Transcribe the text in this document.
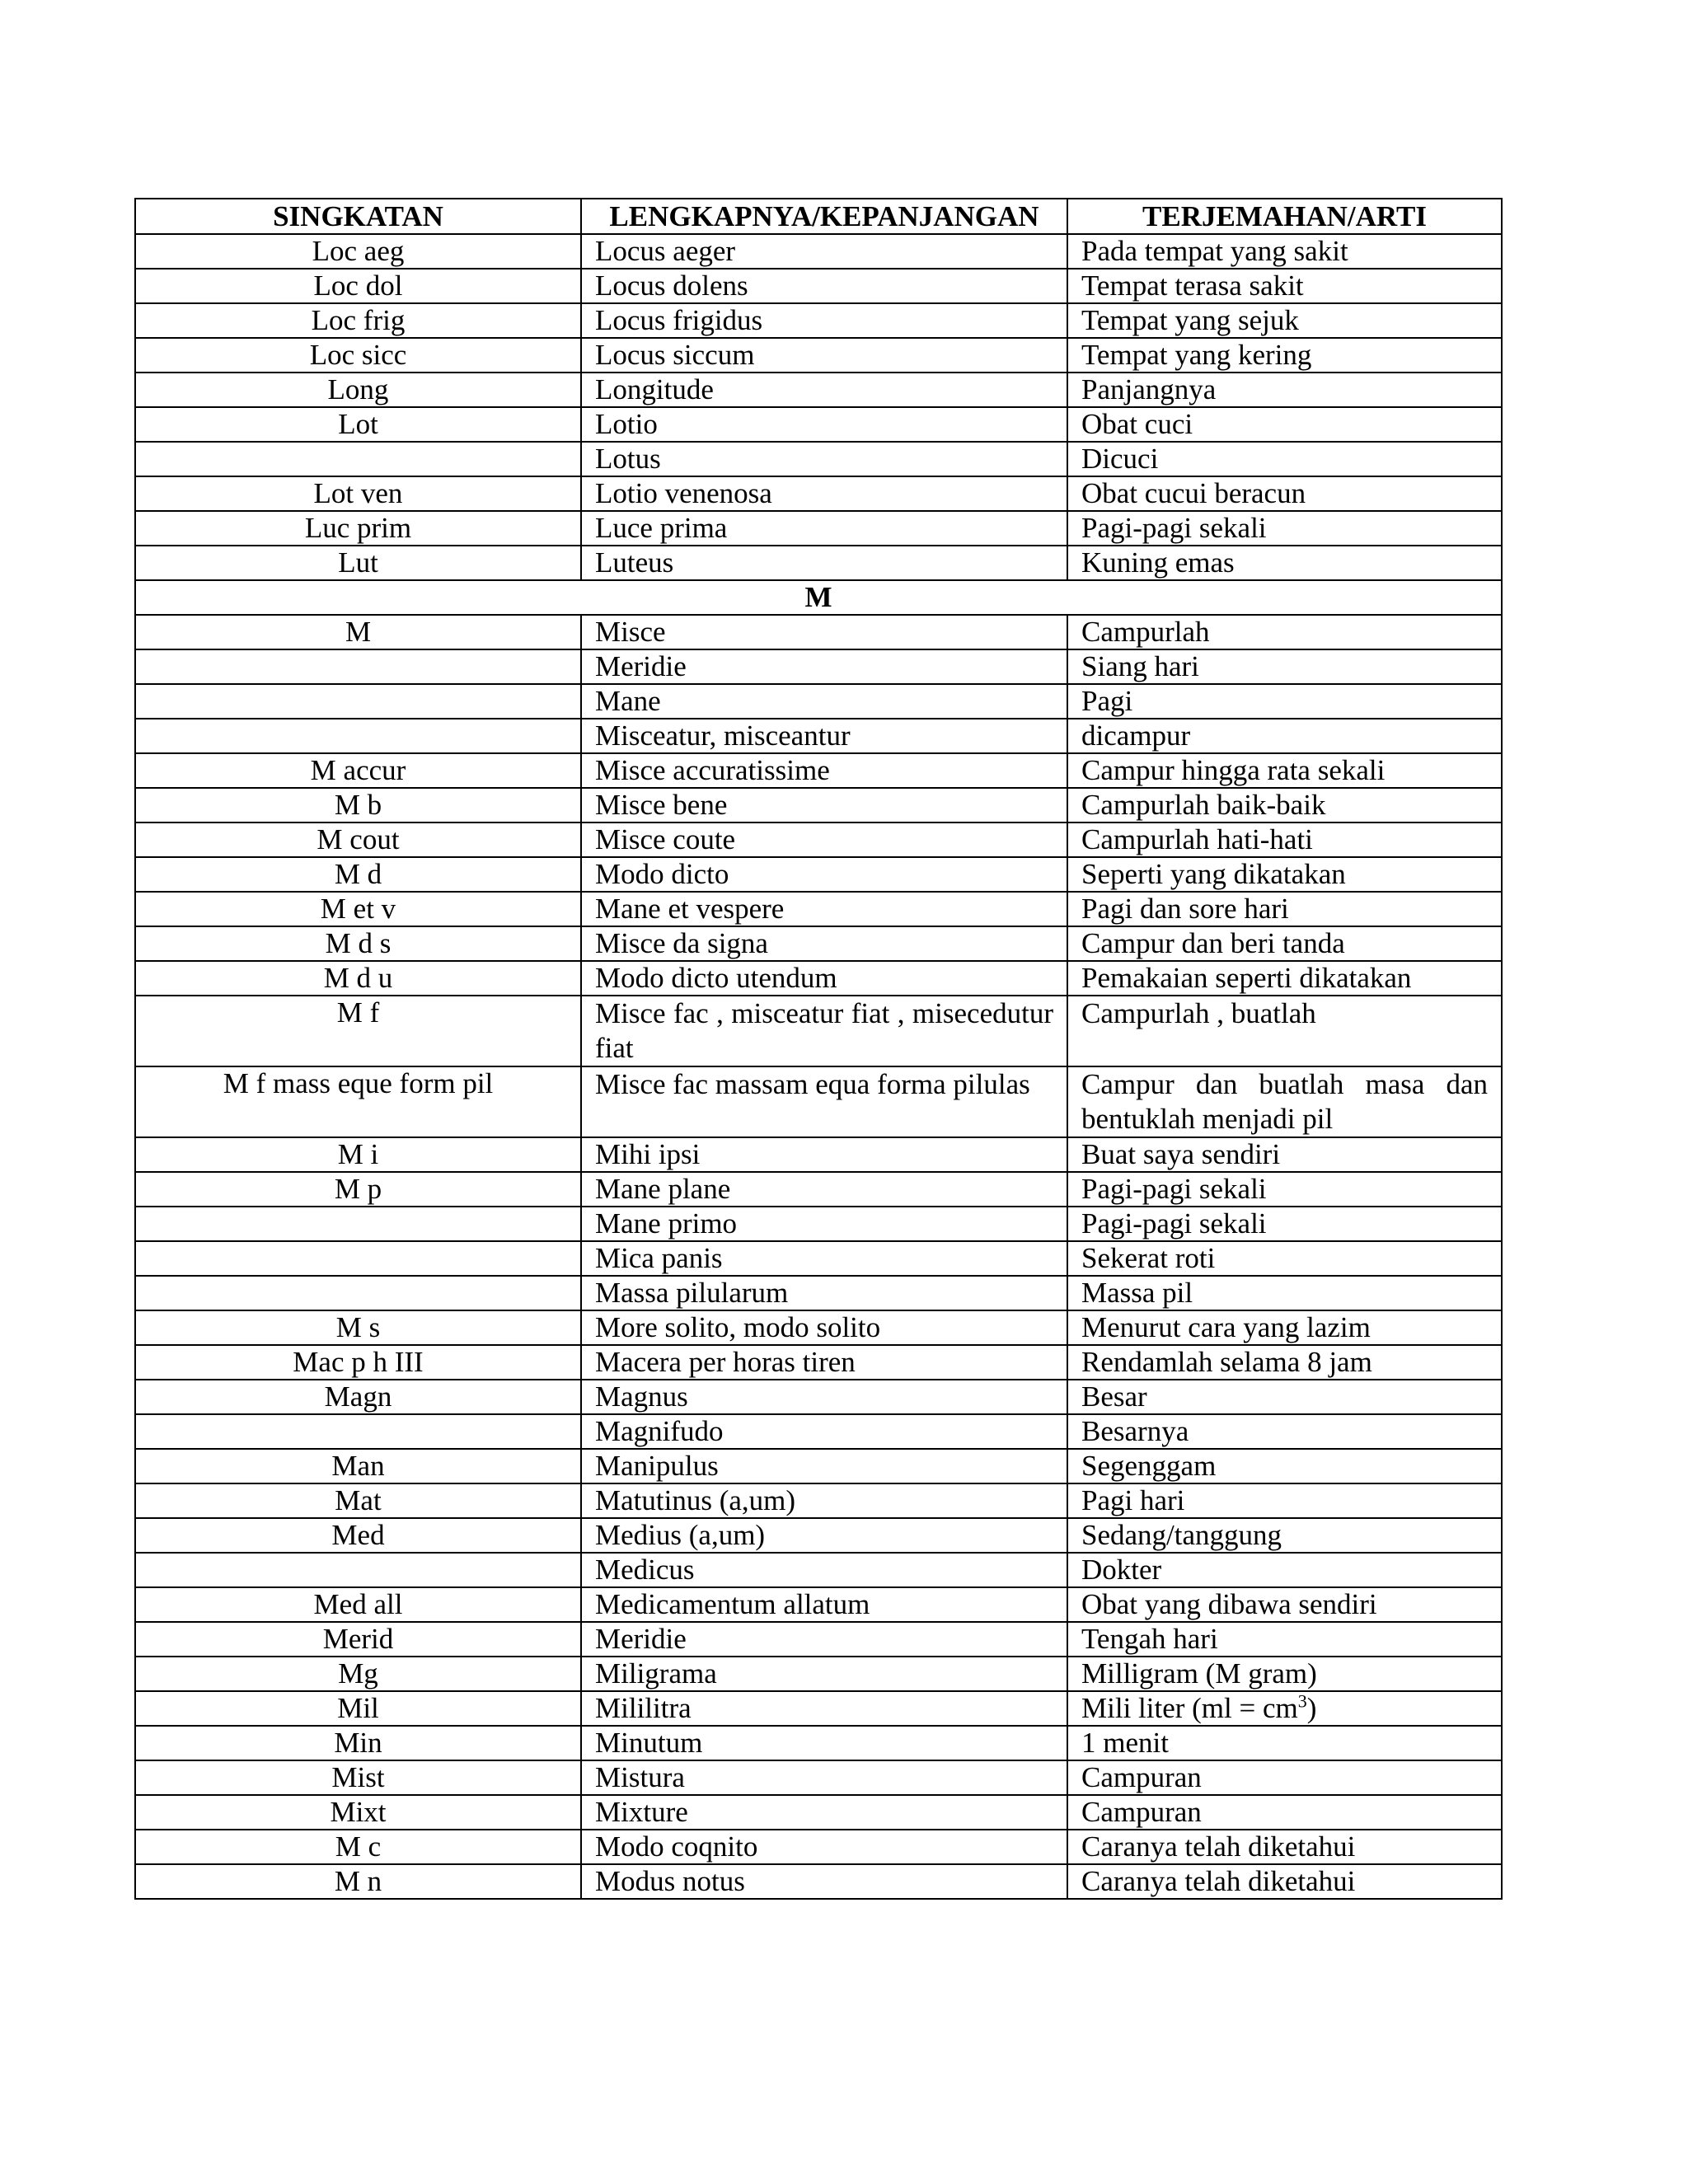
SINGKATAN	LENGKAPNYA/KEPANJANGAN	TERJEMAHAN/ARTI
Loc aeg	Locus aeger	Pada tempat yang sakit
Loc dol	Locus dolens	Tempat terasa sakit
Loc frig	Locus frigidus	Tempat yang sejuk
Loc sicc	Locus siccum	Tempat yang kering
Long	Longitude	Panjangnya
Lot	Lotio	Obat cuci
	Lotus	Dicuci
Lot ven	Lotio venenosa	Obat cucui beracun
Luc prim	Luce prima	Pagi-pagi sekali
Lut	Luteus	Kuning emas
M		
M	Misce	Campurlah
	Meridie	Siang hari
	Mane	Pagi
	Misceatur, misceantur	dicampur
M accur	Misce accuratissime	Campur hingga rata sekali
M b	Misce bene	Campurlah baik-baik
M cout	Misce coute	Campurlah hati-hati
M d	Modo dicto	Seperti yang dikatakan
M et v	Mane et vespere	Pagi dan sore hari
M d s	Misce da signa	Campur dan beri tanda
M d u	Modo dicto utendum	Pemakaian seperti dikatakan
M f	Misce fac , misceatur fiat , misecedutur fiat	Campurlah , buatlah
M f mass eque form pil	Misce fac massam equa forma pilulas	Campur dan buatlah masa dan bentuklah menjadi pil
M i	Mihi ipsi	Buat saya sendiri
M p	Mane plane	Pagi-pagi sekali
	Mane primo	Pagi-pagi sekali
	Mica panis	Sekerat roti
	Massa pilularum	Massa pil
M s	More solito, modo solito	Menurut cara yang lazim
Mac p h III	Macera per horas tiren	Rendamlah selama 8 jam
Magn	Magnus	Besar
	Magnifudo	Besarnya
Man	Manipulus	Segenggam
Mat	Matutinus (a,um)	Pagi hari
Med	Medius (a,um)	Sedang/tanggung
	Medicus	Dokter
Med all	Medicamentum allatum	Obat yang dibawa sendiri
Merid	Meridie	Tengah hari
Mg	Miligrama	Milligram (M gram)
Mil	Mililitra	Mili liter $(ml = cm^3)$
Min	Minutum	1 menit
Mist	Mistura	Campuran
Mixt	Mixture	Campuran
M c	Modo coqnito	Caranya telah diketahui
M n	Modus notus	Caranya telah diketahui
